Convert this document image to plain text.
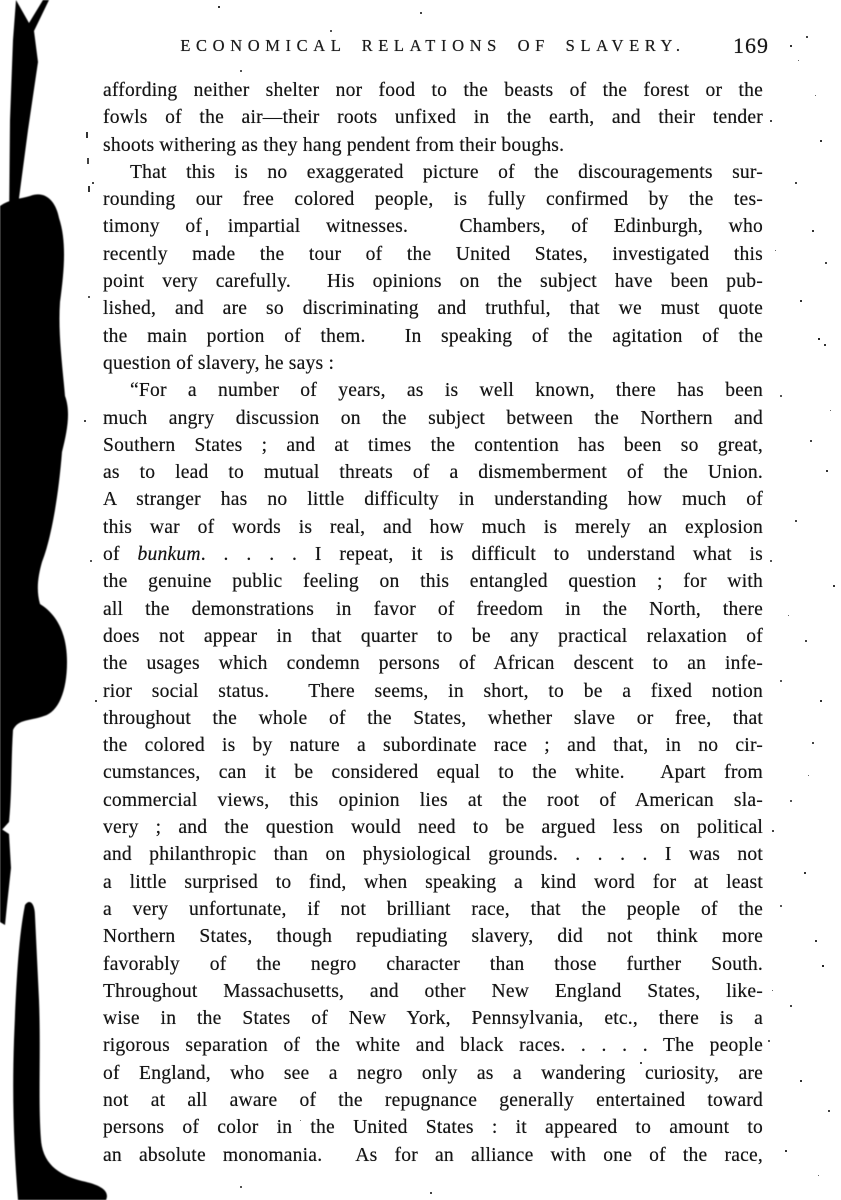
ECONOMICAL RELATIONS OF SLAVERY.	169
affording neither shelter nor food to the beasts of the forest or the
fowls of the air—their roots unfixed in the earth, and their tender
shoots withering as they hang pendent from their boughs.
That this is no exaggerated picture of the discouragements sur-
rounding our free colored people, is fully confirmed by the tes-
timony of impartial witnesses.  Chambers, of Edinburgh, who
recently made the tour of the United States, investigated this
point very carefully.  His opinions on the subject have been pub-
lished, and are so discriminating and truthful, that we must quote
the main portion of them.  In speaking of the agitation of the
question of slavery, he says :
“For a number of years, as is well known, there has been
much angry discussion on the subject between the Northern and
Southern States ; and at times the contention has been so great,
as to lead to mutual threats of a dismemberment of the Union.
A stranger has no little difficulty in understanding how much of
this war of words is real, and how much is merely an explosion
of bunkum. . . . . I repeat, it is difficult to understand what is
the genuine public feeling on this entangled question ; for with
all the demonstrations in favor of freedom in the North, there
does not appear in that quarter to be any practical relaxation of
the usages which condemn persons of African descent to an infe-
rior social status.  There seems, in short, to be a fixed notion
throughout the whole of the States, whether slave or free, that
the colored is by nature a subordinate race ; and that, in no cir-
cumstances, can it be considered equal to the white.  Apart from
commercial views, this opinion lies at the root of American sla-
very ; and the question would need to be argued less on political
and philanthropic than on physiological grounds. . . . . I was not
a little surprised to find, when speaking a kind word for at least
a very unfortunate, if not brilliant race, that the people of the
Northern States, though repudiating slavery, did not think more
favorably of the negro character than those further South.
Throughout Massachusetts, and other New England States, like-
wise in the States of New York, Pennsylvania, etc., there is a
rigorous separation of the white and black races. . . . . The people
of England, who see a negro only as a wandering curiosity, are
not at all aware of the repugnance generally entertained toward
persons of color in the United States : it appeared to amount to
an absolute monomania.  As for an alliance with one of the race,
